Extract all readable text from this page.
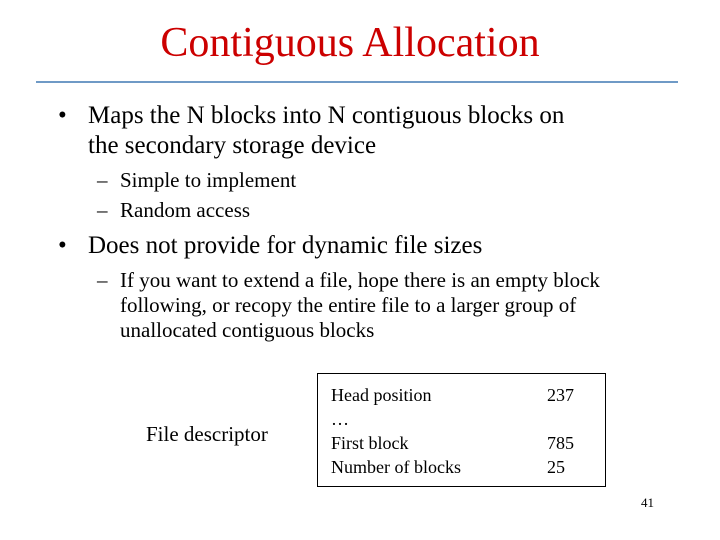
Contiguous Allocation
• Maps the N blocks into N contiguous blocks on
the secondary storage device
– Simple to implement
– Random access
• Does not provide for dynamic file sizes
– If you want to extend a file, hope there is an empty block following, or recopy the entire file to a larger group of unallocated contiguous blocks
File descriptor
Head position	237
…
First block	785
Number of blocks	25
41
